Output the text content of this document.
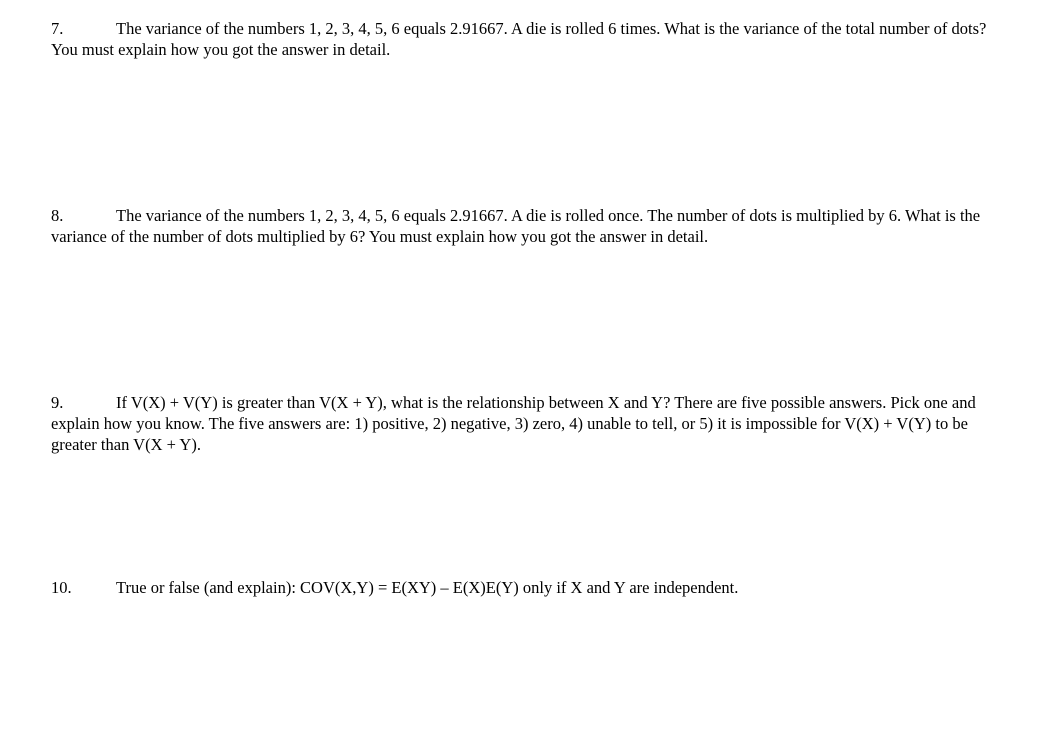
7.	The variance of the numbers 1, 2, 3, 4, 5, 6 equals 2.91667. A die is rolled 6 times. What is the variance of the total number of dots? You must explain how you got the answer in detail.

8.	The variance of the numbers 1, 2, 3, 4, 5, 6 equals 2.91667. A die is rolled once. The number of dots is multiplied by 6. What is the variance of the number of dots multiplied by 6? You must explain how you got the answer in detail.

9.	If V(X) + V(Y) is greater than V(X + Y), what is the relationship between X and Y? There are five possible answers. Pick one and explain how you know. The five answers are: 1) positive, 2) negative, 3) zero, 4) unable to tell, or 5) it is impossible for V(X) + V(Y) to be greater than V(X + Y).

10.	True or false (and explain): COV(X,Y) = E(XY) – E(X)E(Y) only if X and Y are independent.
